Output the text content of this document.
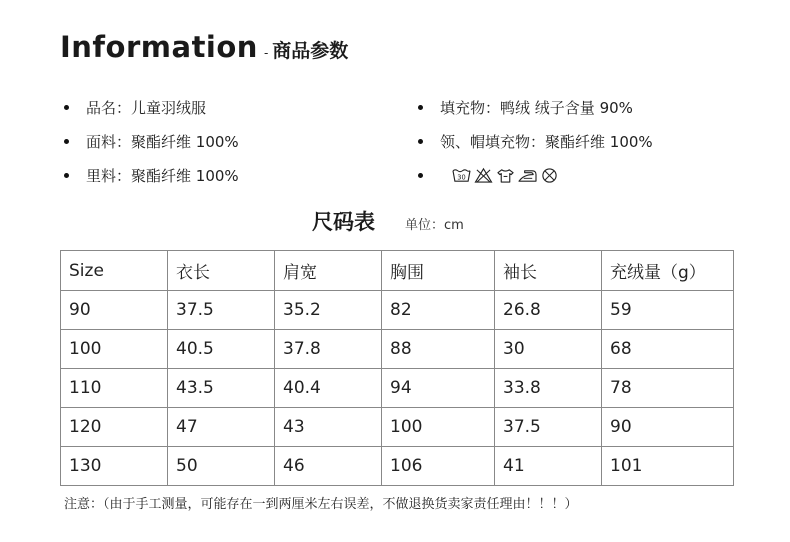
Information - 商品参数
品名 ： 儿童羽绒服
面料 ： 聚酯纤维 100%
里料 ： 聚酯纤维 100%
填充物 ： 鸭绒 绒子含量 90%
领、帽填充物 ： 聚酯纤维 100%
30
尺码表 单位：cm
Size	衣长	肩宽	胸围	袖长	充绒量（g）
90	37.5	35.2	82	26.8	59
100	40.5	37.8	88	30	68
110	43.5	40.4	94	33.8	78
120	47	43	100	37.5	90
130	50	46	106	41	101
注意：（由于手工测量，可能存在一到两厘米左右误差，不做退换货卖家责任理由！！！）
